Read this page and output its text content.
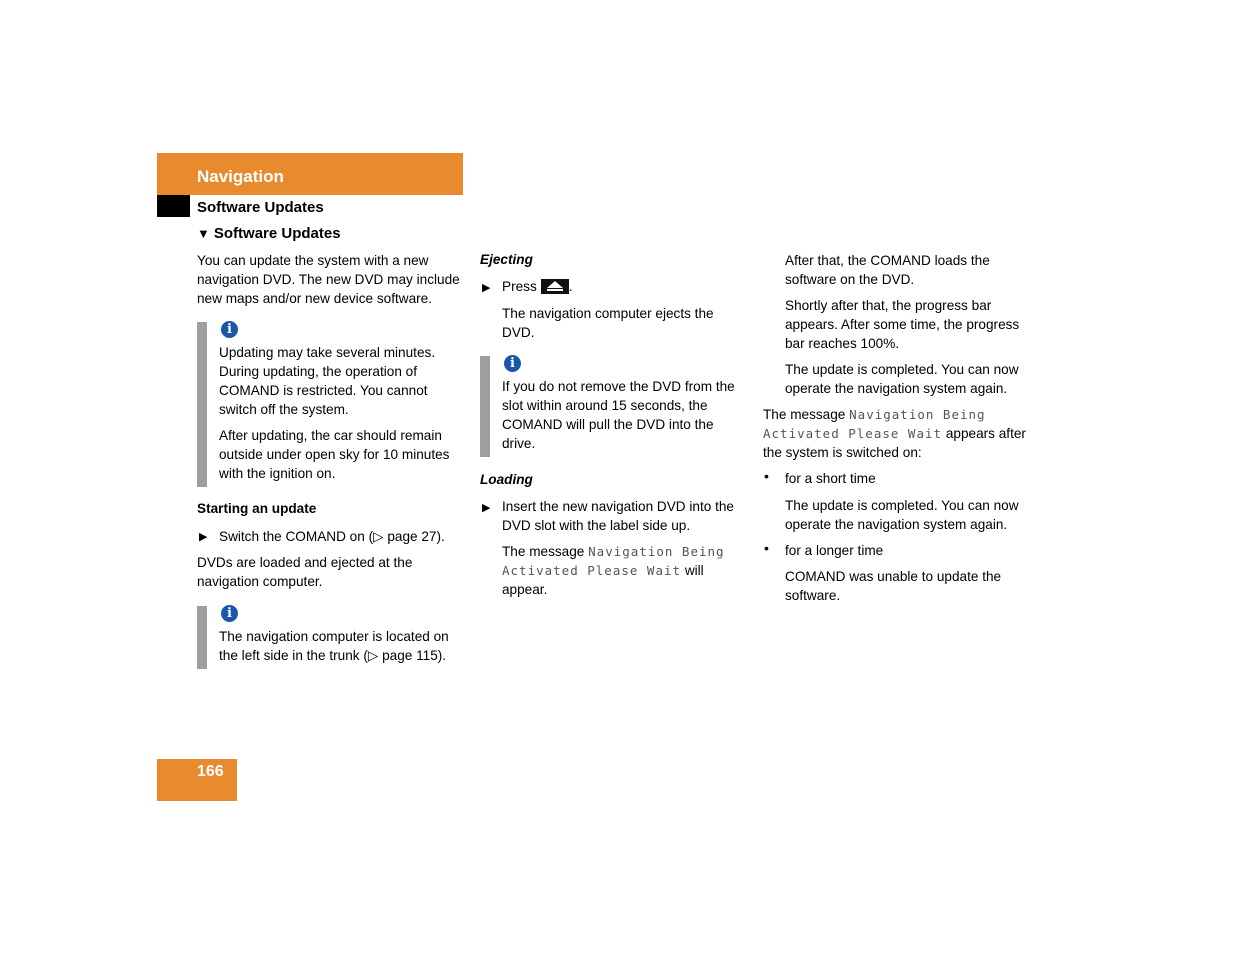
Navigation
Software Updates
▼ Software Updates
You can update the system with a new navigation DVD. The new DVD may include new maps and/or new device software.
i
Updating may take several minutes. During updating, the operation of COMAND is restricted. You cannot switch off the system.
After updating, the car should remain outside under open sky for 10 minutes with the ignition on.
Starting an update
▶ Switch the COMAND on (▷ page 27).
DVDs are loaded and ejected at the navigation computer.
i
The navigation computer is located on the left side in the trunk (▷ page 115).
Ejecting
▶ Press .
The navigation computer ejects the DVD.
i
If you do not remove the DVD from the slot within around 15 seconds, the COMAND will pull the DVD into the drive.
Loading
▶ Insert the new navigation DVD into the DVD slot with the label side up.
The message Navigation Being
Activated Please Wait will
appear.
After that, the COMAND loads the software on the DVD.
Shortly after that, the progress bar appears. After some time, the progress bar reaches 100%.
The update is completed. You can now operate the navigation system again.
The message Navigation Being
Activated Please Wait appears after
the system is switched on:
• for a short time
The update is completed. You can now operate the navigation system again.
• for a longer time
COMAND was unable to update the software.
166
